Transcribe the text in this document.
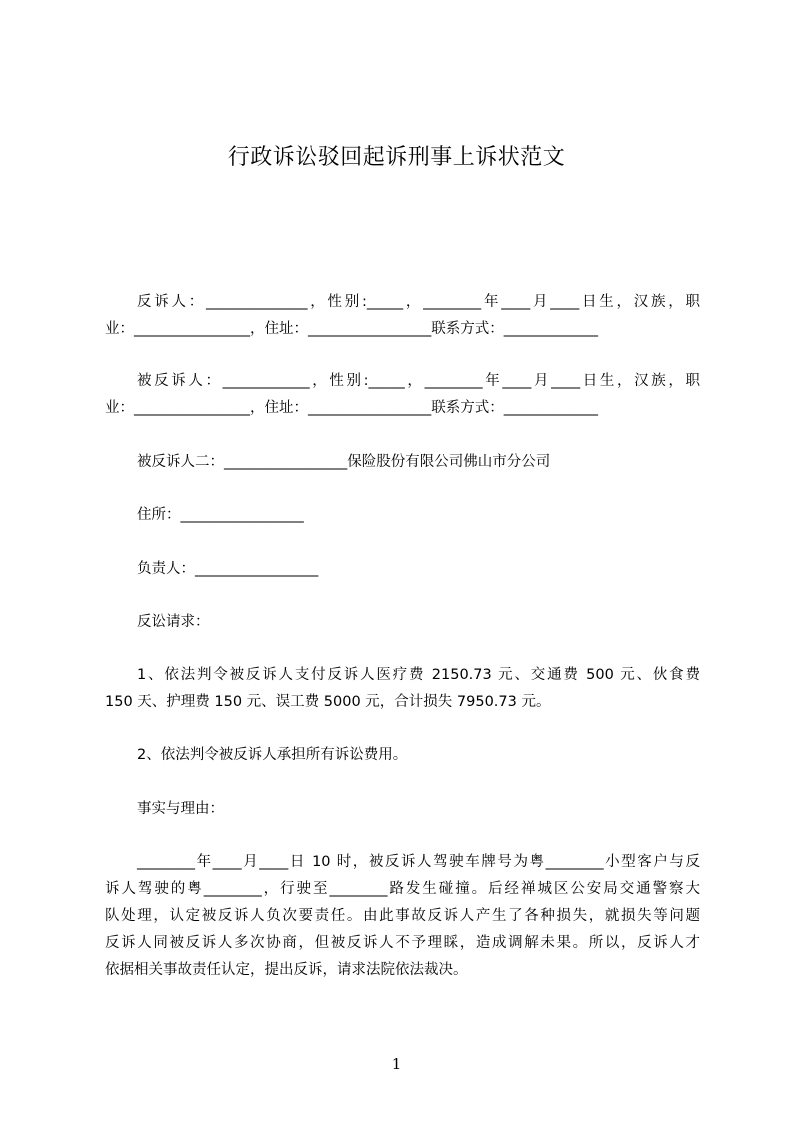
行政诉讼驳回起诉刑事上诉状范文
反诉人：______________，性别:_____，________年____月____日生，汉族，职
业：________________，住址：_________________联系方式：_____________
被反诉人：____________，性别:_____，________年____月____日生，汉族，职
业：________________，住址：_________________联系方式：_____________
被反诉人二：_________________保险股份有限公司佛山市分公司
住所：_________________
负责人：_________________
反讼请求：
1、依法判令被反诉人支付反诉人医疗费 2150.73 元、交通费 500 元、伙食费
150 天、护理费 150 元、误工费 5000 元，合计损失 7950.73 元。
2、依法判令被反诉人承担所有诉讼费用。
事实与理由：
________年____月____日 10 时，被反诉人驾驶车牌号为粤________小型客户与反
诉人驾驶的粤________，行驶至________路发生碰撞。后经禅城区公安局交通警察大
队处理，认定被反诉人负次要责任。由此事故反诉人产生了各种损失，就损失等问题
反诉人同被反诉人多次协商，但被反诉人不予理睬，造成调解未果。所以，反诉人才
依据相关事故责任认定，提出反诉，请求法院依法裁决。
1
